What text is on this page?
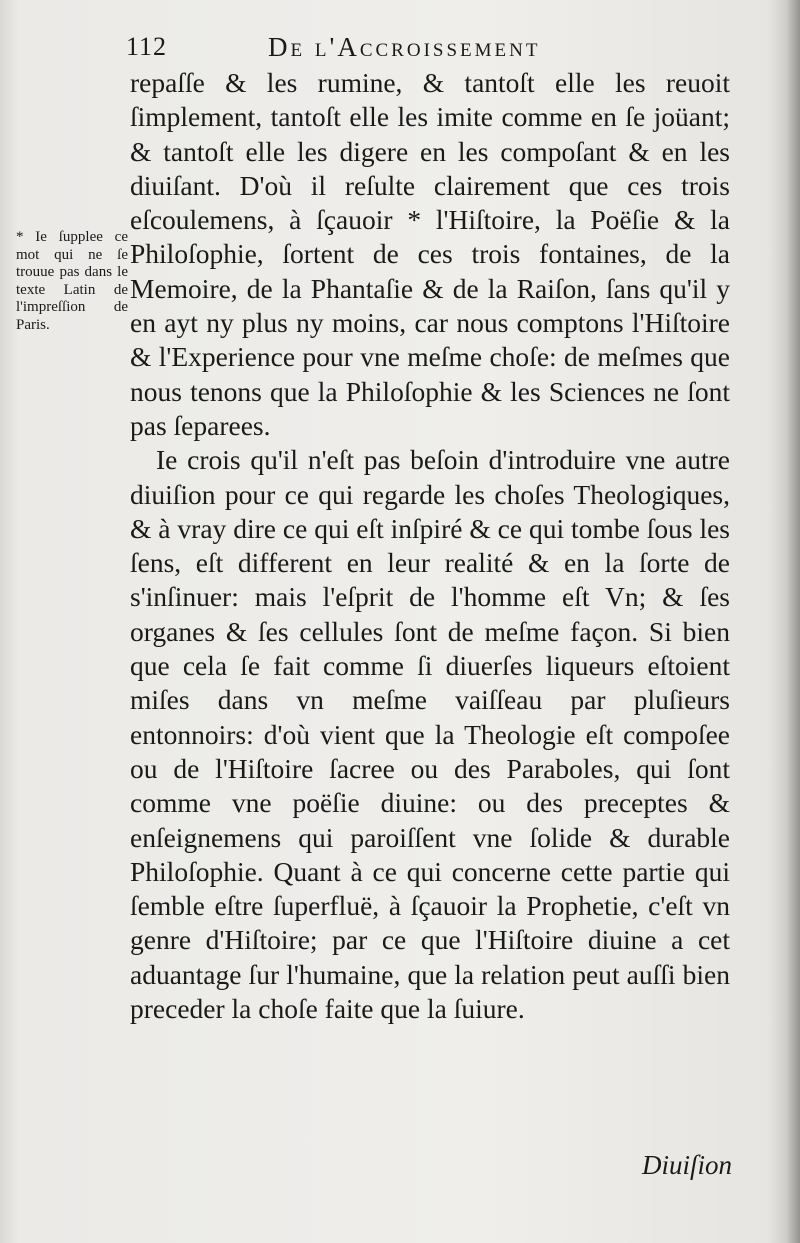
112	De l'Accroissement
* Ie ſupplee ce mot qui ne ſe trouue pas dans le texte Latin de l'impreſſion de Paris.

repaſſe & les rumine, & tantoſt elle les reuoit ſimplement, tantoſt elle les imite comme en ſe joüant; & tantoſt elle les digere en les compoſant & en les diuiſant. D'où il reſulte clairement que ces trois eſcoulemens, à ſçauoir * l'Hiſtoire, la Poëſie & la Philoſophie, ſortent de ces trois fontaines, de la Memoire, de la Phantaſie & de la Raiſon, ſans qu'il y en ayt ny plus ny moins, car nous comptons l'Hiſtoire & l'Experience pour vne meſme choſe: de meſmes que nous tenons que la Philoſophie & les Sciences ne ſont pas ſeparees.

Ie crois qu'il n'eſt pas beſoin d'introduire vne autre diuiſion pour ce qui regarde les choſes Theologiques, & à vray dire ce qui eſt inſpiré & ce qui tombe ſous les ſens, eſt different en leur realité & en la ſorte de s'inſinuer: mais l'eſprit de l'homme eſt Vn; & ſes organes & ſes cellules ſont de meſme façon. Si bien que cela ſe fait comme ſi diuerſes liqueurs eſtoient miſes dans vn meſme vaiſſeau par pluſieurs entonnoirs: d'où vient que la Theologie eſt compoſee ou de l'Hiſtoire ſacree ou des Paraboles, qui ſont comme vne poëſie diuine: ou des preceptes & enſeignemens qui paroiſſent vne ſolide & durable Philoſophie. Quant à ce qui concerne cette partie qui ſemble eſtre ſuperfluë, à ſçauoir la Prophetie, c'eſt vn genre d'Hiſtoire; par ce que l'Hiſtoire diuine a cet aduantage ſur l'humaine, que la relation peut auſſi bien preceder la choſe faite que la ſuiure.

Diuiſion
